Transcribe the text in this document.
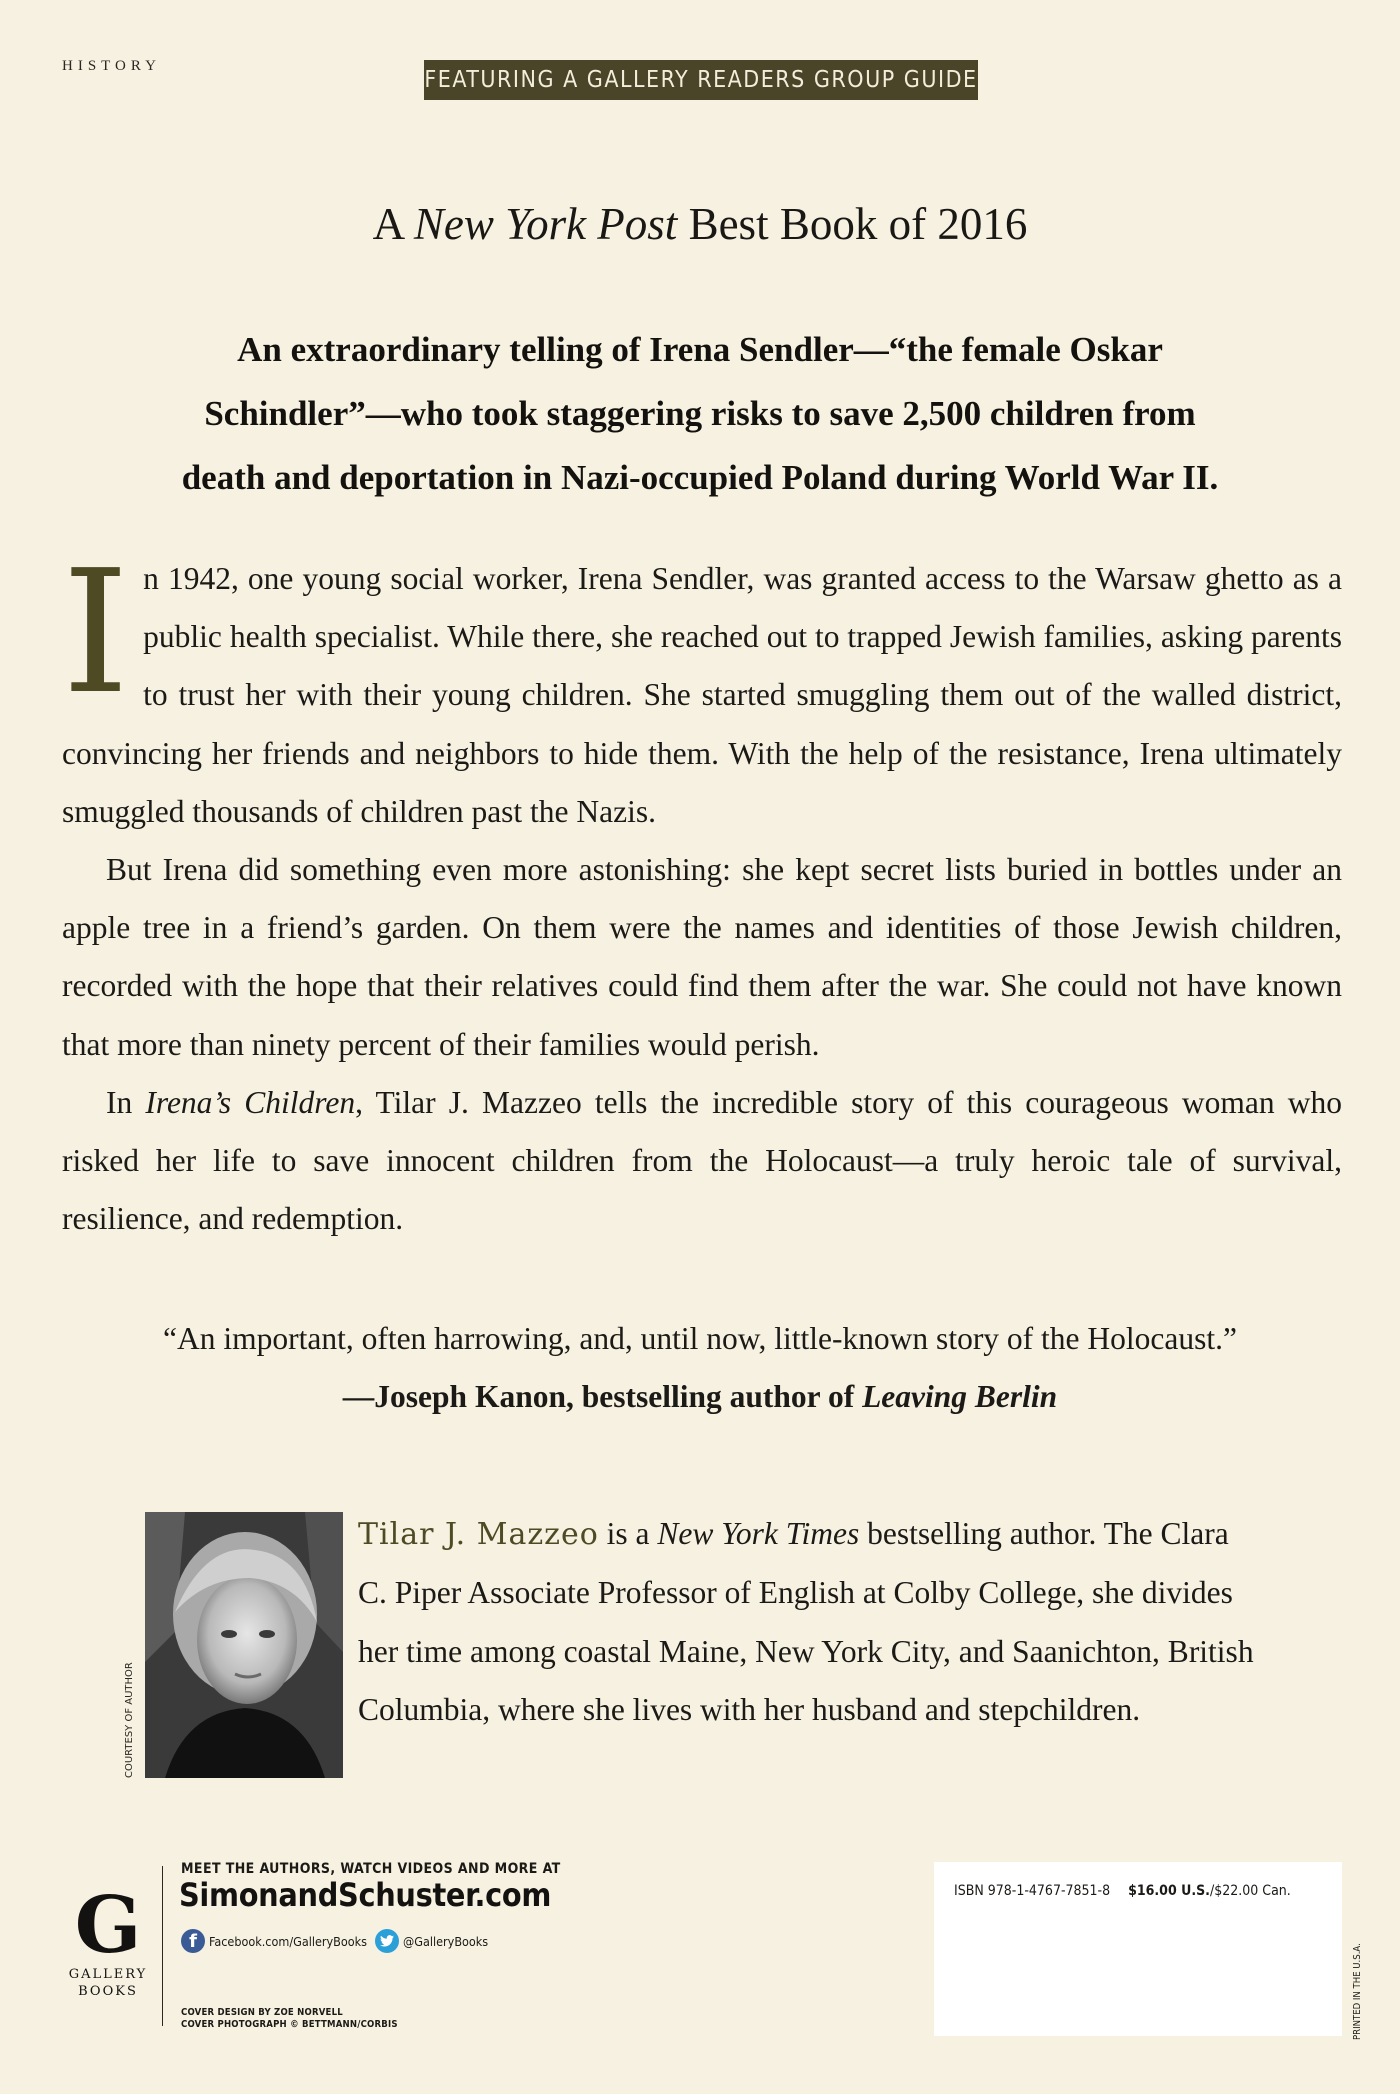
HISTORY
FEATURING A GALLERY READERS GROUP GUIDE
A New York Post Best Book of 2016
An extraordinary telling of Irena Sendler—“the female Oskar
Schindler”—who took staggering risks to save 2,500 children from
death and deportation in Nazi-occupied Poland during World War II.

In 1942, one young social worker, Irena Sendler, was granted access to the Warsaw ghetto as a public health specialist. While there, she reached out to trapped Jewish families, asking parents to trust her with their young children. She started smuggling them out of the walled district, convincing her friends and neighbors to hide them. With the help of the resistance, Irena ultimately smuggled thousands of children past the Nazis.

But Irena did something even more astonishing: she kept secret lists buried in bottles under an apple tree in a friend’s garden. On them were the names and identities of those Jewish children, recorded with the hope that their relatives could find them after the war. She could not have known that more than ninety percent of their families would perish.

In Irena’s Children, Tilar J. Mazzeo tells the incredible story of this courageous woman who risked her life to save innocent children from the Holocaust—a truly heroic tale of survival, resilience, and redemption.

“An important, often harrowing, and, until now, little-known story of the Holocaust.”
—Joseph Kanon, bestselling author of Leaving Berlin
COURTESY OF AUTHOR
Tilar J. Mazzeo is a New York Times bestselling author. The Clara C. Piper Associate Professor of English at Colby College, she divides her time among coastal Maine, New York City, and Saanichton, British Columbia, where she lives with her husband and stepchildren.
G
GALLERY
BOOKS
MEET THE AUTHORS, WATCH VIDEOS AND MORE AT
SimonandSchuster.com
f Facebook.com/GalleryBooks	@GalleryBooks
COVER DESIGN BY ZOE NORVELL
COVER PHOTOGRAPH © BETTMANN/CORBIS
ISBN 978-1-4767-7851-8 $16.00 U.S./$22.00 Can.
PRINTED IN THE U.S.A.
